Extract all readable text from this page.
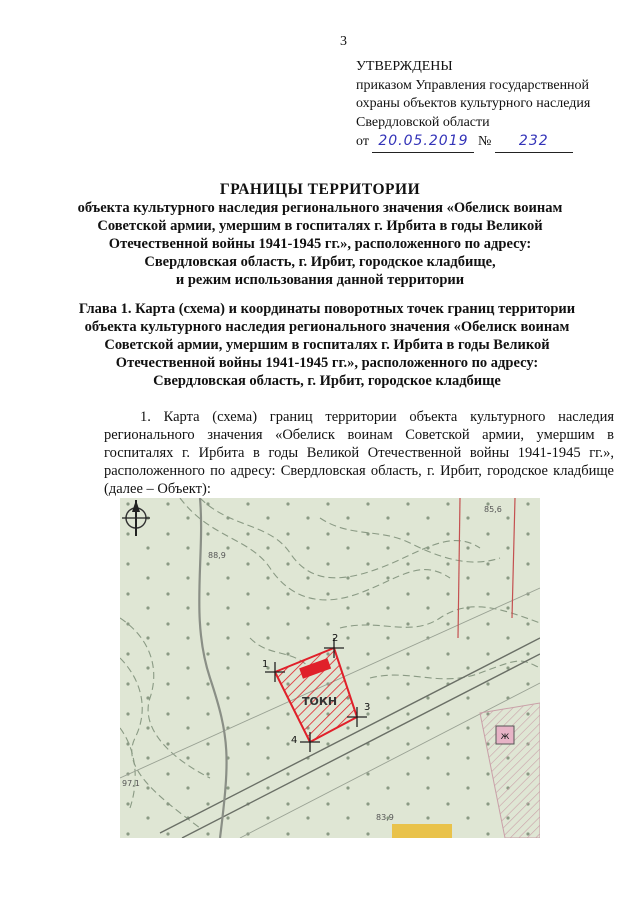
3
УТВЕРЖДЕНЫ
приказом Управления государственной
охраны объектов культурного наследия
Свердловской области
от 20.05.2019 № 232
ГРАНИЦЫ ТЕРРИТОРИИ
объекта культурного наследия регионального значения «Обелиск воинам
Советской армии, умершим в госпиталях г. Ирбита в годы Великой
Отечественной войны 1941-1945 гг.», расположенного по адресу:
Свердловская область, г. Ирбит, городское кладбище,
и режим использования данной территории
Глава 1. Карта (схема) и координаты поворотных точек границ территории
объекта культурного наследия регионального значения «Обелиск воинам
Советской армии, умершим в госпиталях г. Ирбита в годы Великой
Отечественной войны 1941-1945 гг.», расположенного по адресу:
Свердловская область, г. Ирбит, городское кладбище
1. Карта (схема) границ территории объекта культурного наследия регионального значения «Обелиск воинам Советской армии, умершим в госпиталях г. Ирбита в годы Великой Отечественной войны 1941-1945 гг.», расположенного по адресу: Свердловская область, г. Ирбит, городское кладбище (далее – Объект):
ж
88,9
85,6
97,1
83,9
ТОКН
1
2
3
4
